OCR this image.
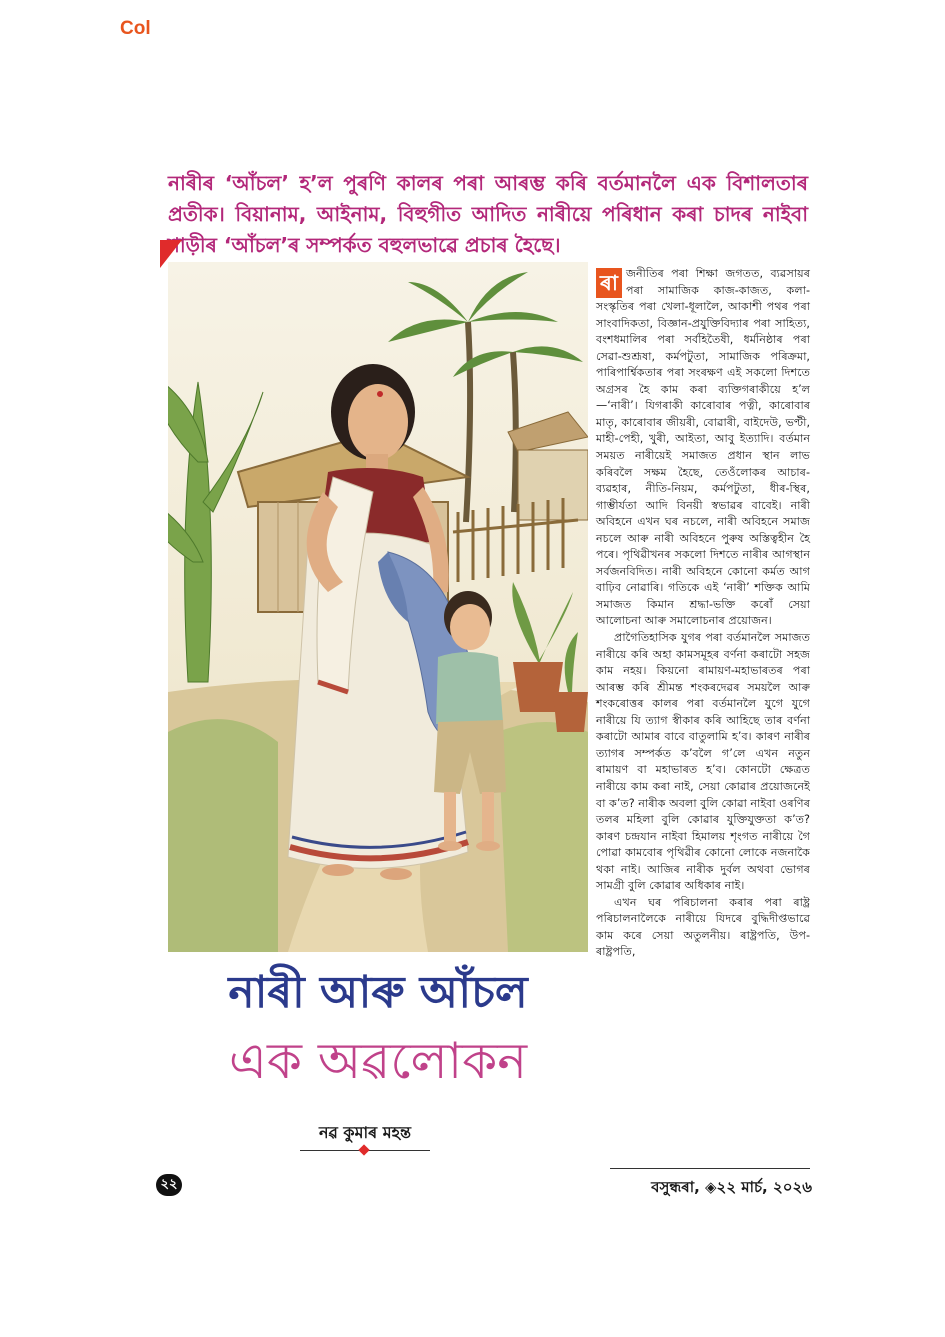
Col
নাৰীৰ ‘আঁচল’ হ’ল পুৰণি কালৰ পৰা আৰম্ভ কৰি বৰ্তমানলৈ এক বিশালতাৰ প্ৰতীক। বিয়ানাম, আইনাম, বিহুগীত আদিত নাৰীয়ে পৰিধান কৰা চাদৰ নাইবা শাড়ীৰ ‘আঁচল’ৰ সম্পৰ্কত বহুলভাৱে প্ৰচাৰ হৈছে।

ৰা জনীতিৰ পৰা শিক্ষা জগতত, ব্যৱসায়ৰ পৰা সামাজিক কাজ-কাজত, কলা-সংস্কৃতিৰ পৰা খেলা-ধূলালৈ, আকাশী পথৰ পৰা সাংবাদিকতা, বিজ্ঞান-প্ৰযুক্তিবিদ্যাৰ পৰা সাহিত্য, বংশধমালিৰ পৰা সৰ্বহিতৈষী, ধৰ্মনিষ্ঠাৰ পৰা সেৱা-শুশ্ৰূষা, কৰ্মপটুতা, সামাজিক পৰিক্ৰমা, পাৰিপাৰ্শ্বিকতাৰ পৰা সংৰক্ষণ এই সকলো দিশতে অগ্ৰসৰ হৈ কাম কৰা ব্যক্তিগৰাকীয়ে হ’ল —‘নাৰী’। যিগৰাকী কাৰোবাৰ পত্নী, কাৰোবাৰ মাতৃ, কাৰোবাৰ জীয়ৰী, বোৱাৰী, বাইদেউ, ভণ্টী, মাহী-পেহী, খুৰী, আইতা, আবু ইত্যাদি। বৰ্তমান সময়ত নাৰীয়েই সমাজত প্ৰধান স্থান লাভ কৰিবলৈ সক্ষম হৈছে, তেওঁলোকৰ আচাৰ-ব্যৱহাৰ, নীতি-নিয়ম, কৰ্মপটুতা, ধীৰ-স্থিৰ, গাম্ভীৰ্যতা আদি বিনয়ী স্বভাৱৰ বাবেই। নাৰী অবিহনে এখন ঘৰ নচলে, নাৰী অবিহনে সমাজ নচলে আৰু নাৰী অবিহনে পুৰুষ অস্তিত্বহীন হৈ পৰে। পৃথিৱীখনৰ সকলো দিশতে নাৰীৰ আগস্থান সৰ্বজনবিদিত। নাৰী অবিহনে কোনো কৰ্মত আগ বাঢ়িব নোৱাৰি। গতিকে এই ‘নাৰী’ শক্তিক আমি সমাজত কিমান শ্ৰদ্ধা-ভক্তি কৰোঁ সেয়া আলোচনা আৰু সমালোচনাৰ প্ৰয়োজন।

প্ৰাগৈতিহাসিক যুগৰ পৰা বৰ্তমানলৈ সমাজত নাৰীয়ে কৰি অহা কামসমূহৰ বৰ্ণনা কৰাটো সহজ কাম নহয়। কিয়নো ৰামায়ণ-মহাভাৰতৰ পৰা আৰম্ভ কৰি শ্ৰীমন্ত শংকৰদেৱৰ সময়লৈ আৰু শংকৰোত্তৰ কালৰ পৰা বৰ্তমানলৈ যুগে যুগে নাৰীয়ে যি ত্যাগ স্বীকাৰ কৰি আহিছে তাৰ বৰ্ণনা কৰাটো আমাৰ বাবে বাতুলামি হ’ব। কাৰণ নাৰীৰ ত্যাগৰ সম্পৰ্কত ক’বলৈ গ’লে এখন নতুন ৰামায়ণ বা মহাভাৰত হ’ব। কোনটো ক্ষেত্ৰত নাৰীয়ে কাম কৰা নাই, সেয়া কোৱাৰ প্ৰয়োজনেই বা ক’ত? নাৰীক অবলা বুলি কোৱা নাইবা ওৰণিৰ তলৰ মহিলা বুলি কোৱাৰ যুক্তিযুক্ততা ক’ত? কাৰণ চন্দ্ৰযান নাইবা হিমালয় শৃংগত নাৰীয়ে গৈ পোৱা কামবোৰ পৃথিৱীৰ কোনো লোকে নজনাকৈ থকা নাই। আজিৰ নাৰীক দুৰ্বল অথবা ভোগৰ সামগ্ৰী বুলি কোৱাৰ অধিকাৰ নাই।

এখন ঘৰ পৰিচালনা কৰাৰ পৰা ৰাষ্ট্ৰ পৰিচালনালৈকে নাৰীয়ে যিদৰে বুদ্ধিদীপ্তভাৱে কাম কৰে সেয়া অতুলনীয়। ৰাষ্ট্ৰপতি, উপ-ৰাষ্ট্ৰপতি,

নাৰী আৰু আঁচল
এক অৱলোকন
নৱ কুমাৰ মহন্ত
২২	বসুন্ধৰা, ◈২২ মাৰ্চ, ২০২৬
